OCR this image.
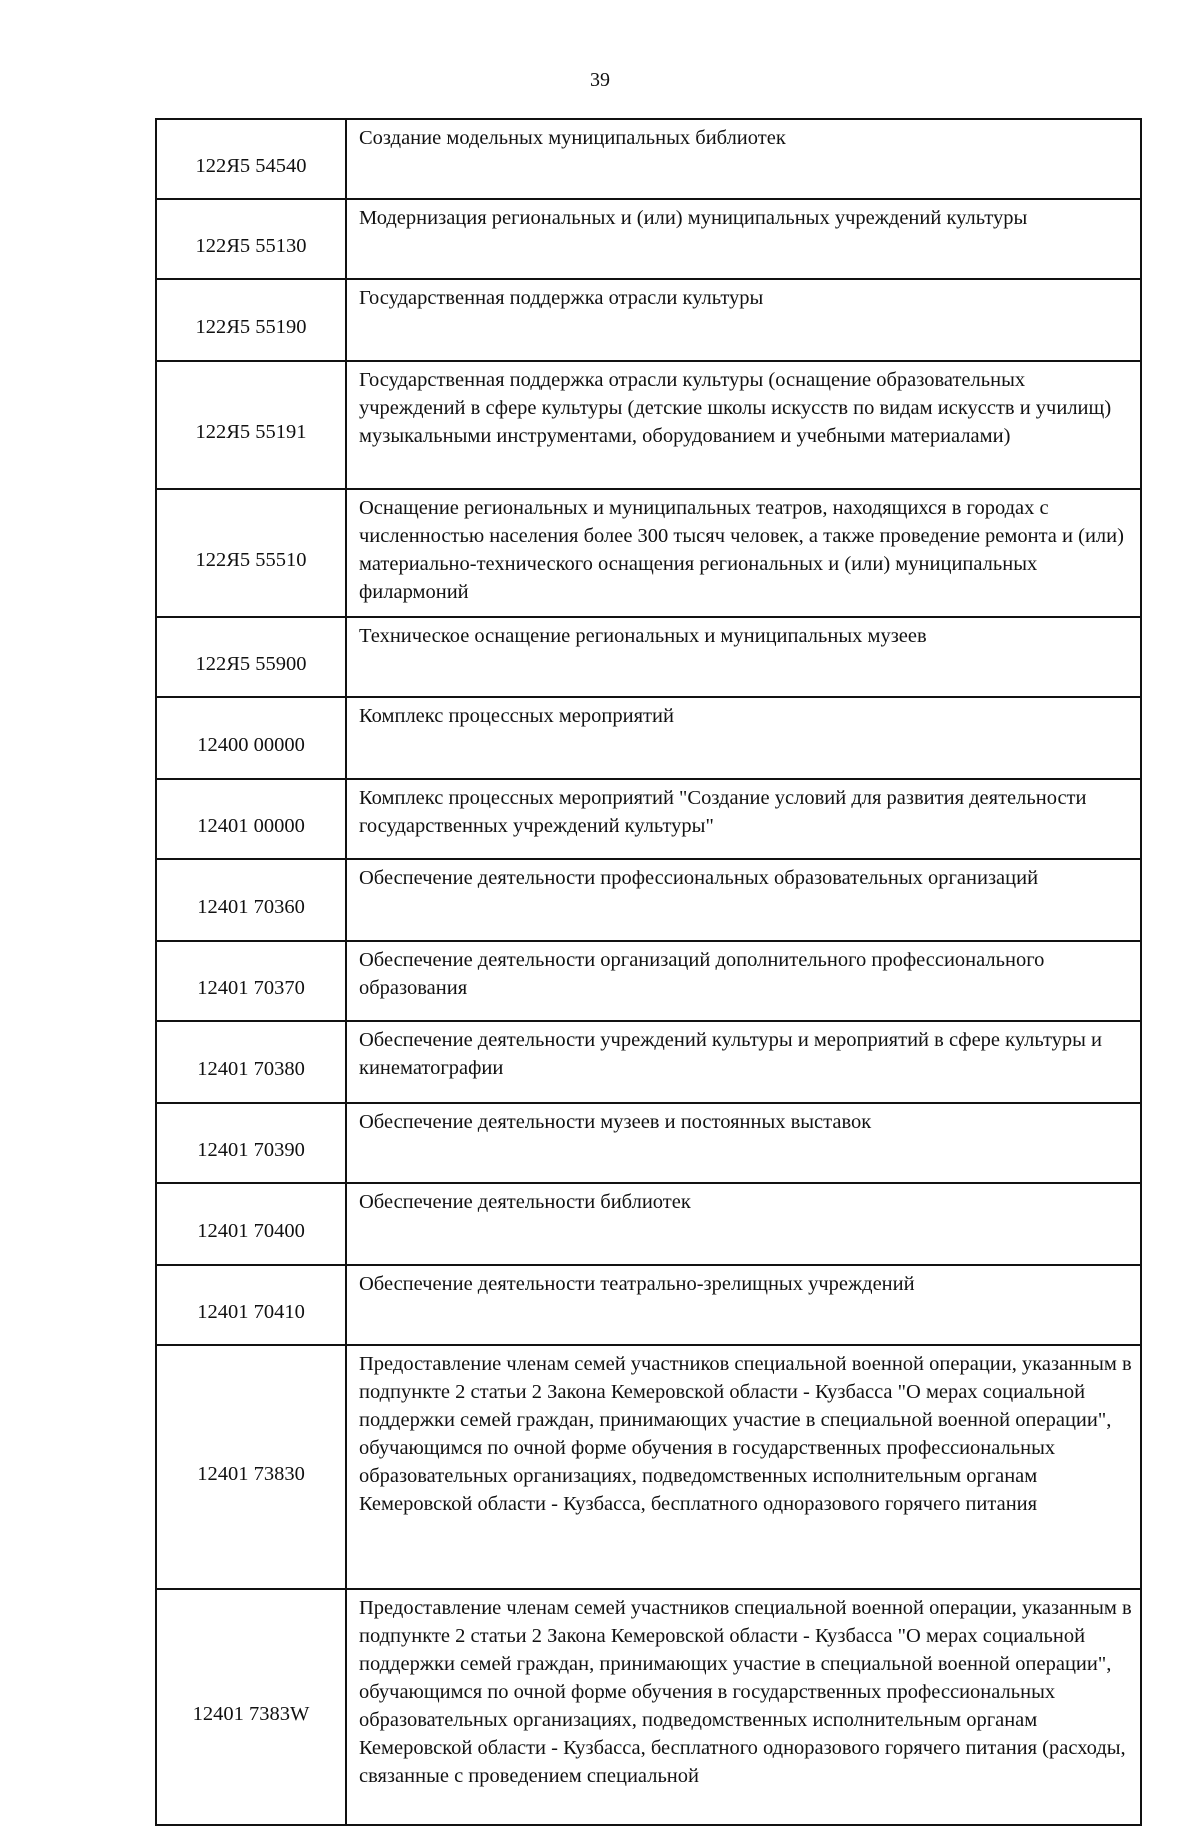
39
122Я5 54540	Создание модельных муниципальных библиотек
122Я5 55130	Модернизация региональных и (или) муниципальных учреждений культуры
122Я5 55190	Государственная поддержка отрасли культуры
122Я5 55191	Государственная поддержка отрасли культуры (оснащение образовательных учреждений в сфере культуры (детские школы искусств по видам искусств и училищ) музыкальными инструментами, оборудованием и учебными материалами)
122Я5 55510	Оснащение региональных и муниципальных театров, находящихся в городах с численностью населения более 300 тысяч человек, а также проведение ремонта и (или) материально-технического оснащения региональных и (или) муниципальных филармоний
122Я5 55900	Техническое оснащение региональных и муниципальных музеев
12400 00000	Комплекс процессных мероприятий
12401 00000	Комплекс процессных мероприятий "Создание условий для развития деятельности государственных учреждений культуры"
12401 70360	Обеспечение деятельности профессиональных образовательных организаций
12401 70370	Обеспечение деятельности организаций дополнительного профессионального образования
12401 70380	Обеспечение деятельности учреждений культуры и мероприятий в сфере культуры и кинематографии
12401 70390	Обеспечение деятельности музеев и постоянных выставок
12401 70400	Обеспечение деятельности библиотек
12401 70410	Обеспечение деятельности театрально-зрелищных учреждений
12401 73830	Предоставление членам семей участников специальной военной операции, указанным в подпункте 2 статьи 2 Закона Кемеровской области - Кузбасса "О мерах социальной поддержки семей граждан, принимающих участие в специальной военной операции", обучающимся по очной форме обучения в государственных профессиональных образовательных организациях, подведомственных исполнительным органам Кемеровской области - Кузбасса, бесплатного одноразового горячего питания
12401 7383W	Предоставление членам семей участников специальной военной операции, указанным в подпункте 2 статьи 2 Закона Кемеровской области - Кузбасса "О мерах социальной поддержки семей граждан, принимающих участие в специальной военной операции", обучающимся по очной форме обучения в государственных профессиональных образовательных организациях, подведомственных исполнительным органам Кемеровской области - Кузбасса, бесплатного одноразового горячего питания (расходы, связанные с проведением специальной
